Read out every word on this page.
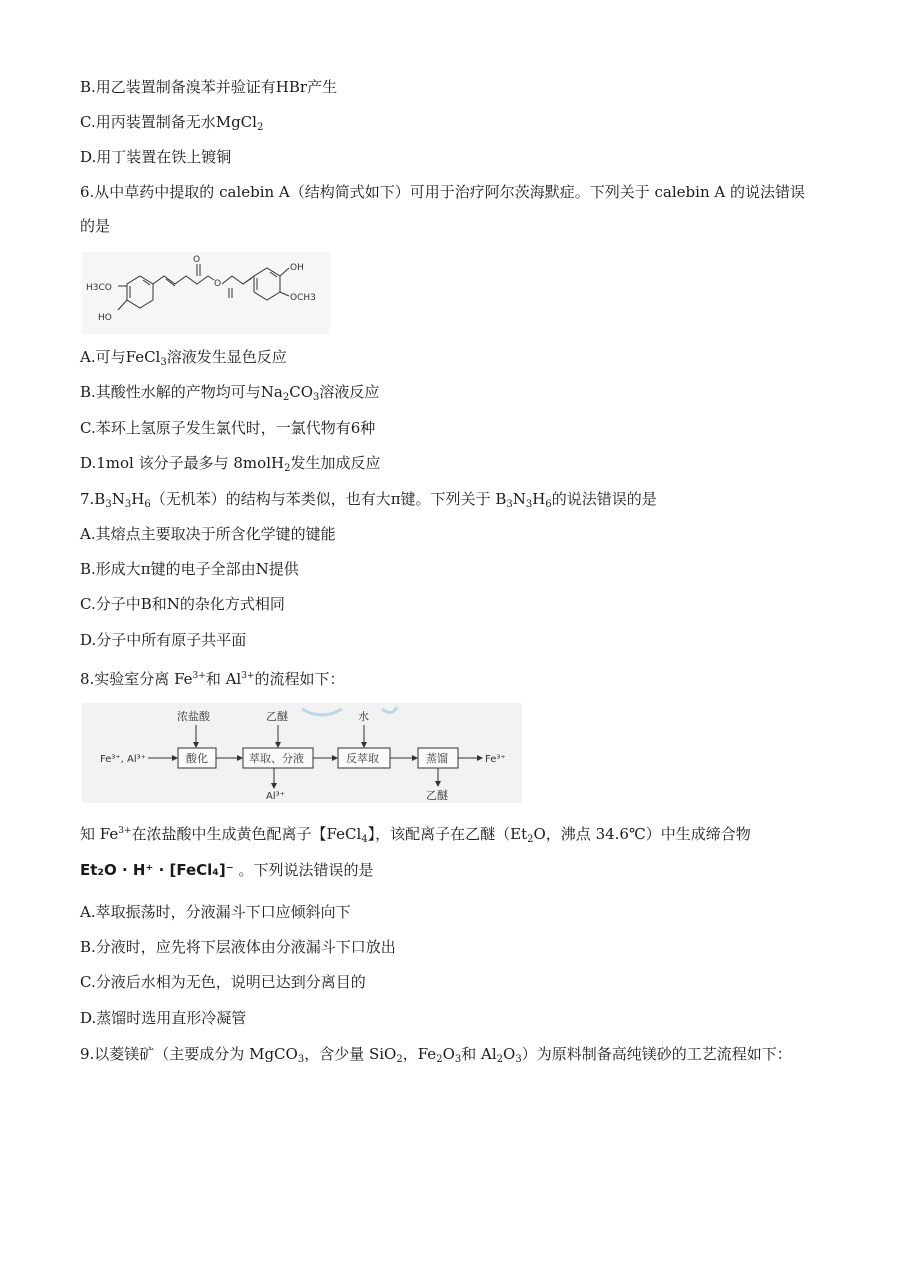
B.用乙装置制备溴苯并验证有HBr产生
C.用丙装置制备无水MgCl$_2$
D.用丁装置在铁上镀铜
6.从中草药中提取的 calebin A（结构简式如下）可用于治疗阿尔茨海默症。下列关于 calebin A 的说法错误
的是
H3CO
HO
O
O
OH
OCH3
A.可与FeCl$_3$溶液发生显色反应
B.其酸性水解的产物均可与$Na_2CO_3$溶液反应
C.苯环上氢原子发生氯代时，一氯代物有6种
D.1mol 该分子最多与 8molH$_2$发生加成反应
$7.B_3N_3H_6$（无机苯）的结构与苯类似，也有大π键。下列关于 $B_3N_3H_6$的说法错误的是
A.其熔点主要取决于所含化学键的键能
B.形成大π键的电子全部由N提供
C.分子中B和N的杂化方式相同
D.分子中所有原子共平面
8.实验室分离 $Fe^{3+}$和 $Al^{3+}$的流程如下：
Fe³⁺, Al³⁺
浓盐酸
酸化
乙醚
萃取、分液
Al³⁺
水
反萃取	蒸馏	Fe³⁺
乙醚
知 $Fe^{3+}$在浓盐酸中生成黄色配离子【FeCl$_4$】，该配离子在乙醚（$Et_2O$，沸点 34.6℃）中生成缔合物
Et₂O · H⁺ · [FeCl₄]⁻ 。下列说法错误的是
A.萃取振荡时，分液漏斗下口应倾斜向下
B.分液时，应先将下层液体由分液漏斗下口放出
C.分液后水相为无色，说明已达到分离目的
D.蒸馏时选用直形冷凝管
9.以菱镁矿（主要成分为 MgCO$_3$，含少量 SiO$_2$，$Fe_2O_3$和 $Al_2O_3$）为原料制备高纯镁砂的工艺流程如下：
